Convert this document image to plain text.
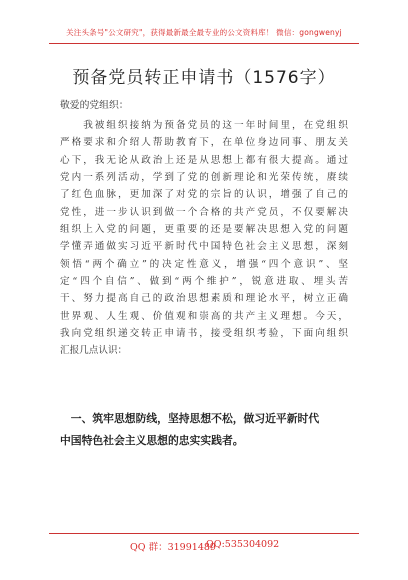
关注头条号"公文研究"，获得最新最全最专业的公文资料库！ 微信：gongwenyj
预备党员转正申请书（1576字）
敬爱的党组织：
　　我被组织接纳为预备党员的这一年时间里，在党组织
严格要求和介绍人帮助教育下，在单位身边同事、朋友关
心下，我无论从政治上还是从思想上都有很大提高。通过
党内一系列活动，学到了党的创新理论和光荣传统，赓续
了红色血脉，更加深了对党的宗旨的认识，增强了自己的
党性，进一步认识到做一个合格的共产党员，不仅要解决
组织上入党的问题，更重要的还是要解决思想入党的问题
学懂弄通做实习近平新时代中国特色社会主义思想，深刻
领悟“两个确立”的决定性意义，增强“四个意识”、坚
定“四个自信”、做到“两个维护”，锐意进取、埋头苦
干、努力提高自己的政治思想素质和理论水平，树立正确
世界观、人生观、价值观和崇高的共产主义理想。今天，
我向党组织递交转正申请书，接受组织考验，下面向组织
汇报几点认识：
　一、筑牢思想防线，坚持思想不松，做习近平新时代
中国特色社会主义思想的忠实实践者。
QQ 群：31991489
QQ:535304092
